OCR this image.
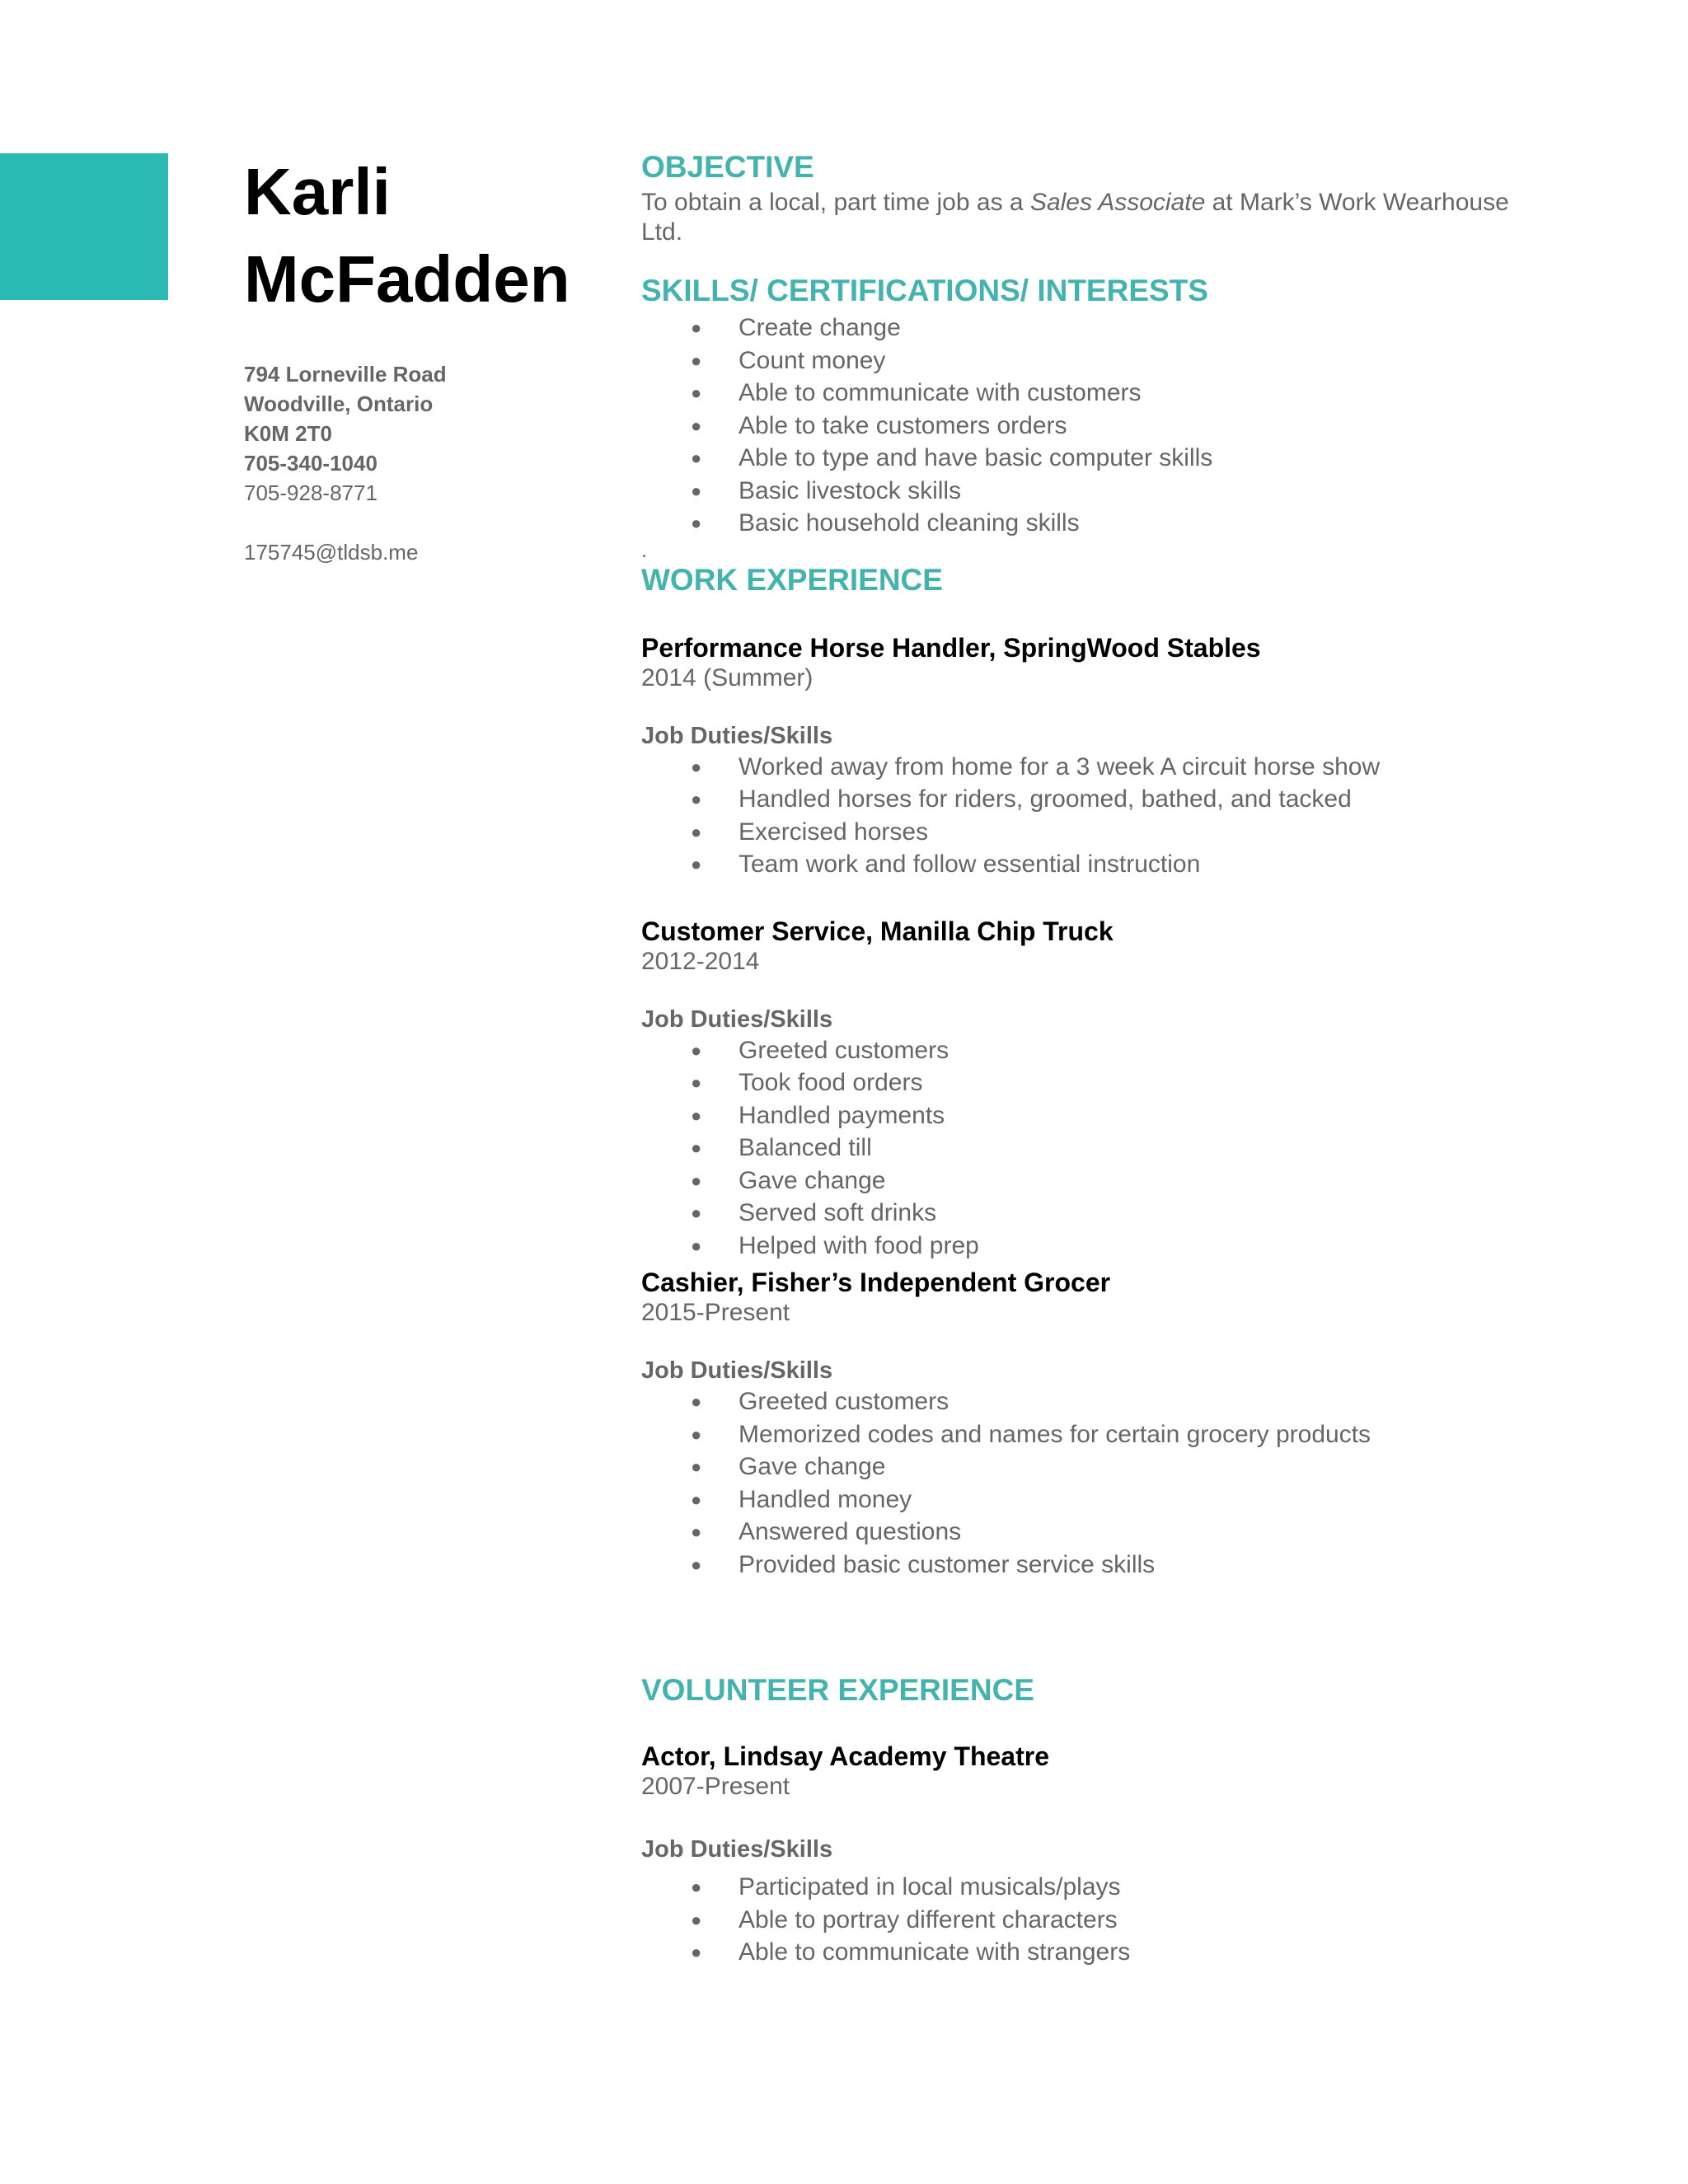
Karli
McFadden
794 Lorneville Road
Woodville, Ontario
K0M 2T0
705-340-1040
705-928-8771
175745@tldsb.me
OBJECTIVE

To obtain a local, part time job as a Sales Associate at Mark’s Work Wearhouse Ltd.

SKILLS/ CERTIFICATIONS/ INTERESTS
● Create change
● Count money
● Able to communicate with customers
● Able to take customers orders
● Able to type and have basic computer skills
● Basic livestock skills
● Basic household cleaning skills
.
WORK EXPERIENCE

Performance Horse Handler, SpringWood Stables

2014 (Summer)

Job Duties/Skills

● Worked away from home for a 3 week A circuit horse show
● Handled horses for riders, groomed, bathed, and tacked
● Exercised horses
● Team work and follow essential instruction

Customer Service, Manilla Chip Truck

2012-2014

Job Duties/Skills

● Greeted customers
● Took food orders
● Handled payments
● Balanced till
● Gave change
● Served soft drinks
● Helped with food prep

Cashier, Fisher’s Independent Grocer

2015-Present

Job Duties/Skills

● Greeted customers
● Memorized codes and names for certain grocery products
● Gave change
● Handled money
● Answered questions
● Provided basic customer service skills
VOLUNTEER EXPERIENCE

Actor, Lindsay Academy Theatre

2007-Present

Job Duties/Skills

● Participated in local musicals/plays
● Able to portray different characters
● Able to communicate with strangers
